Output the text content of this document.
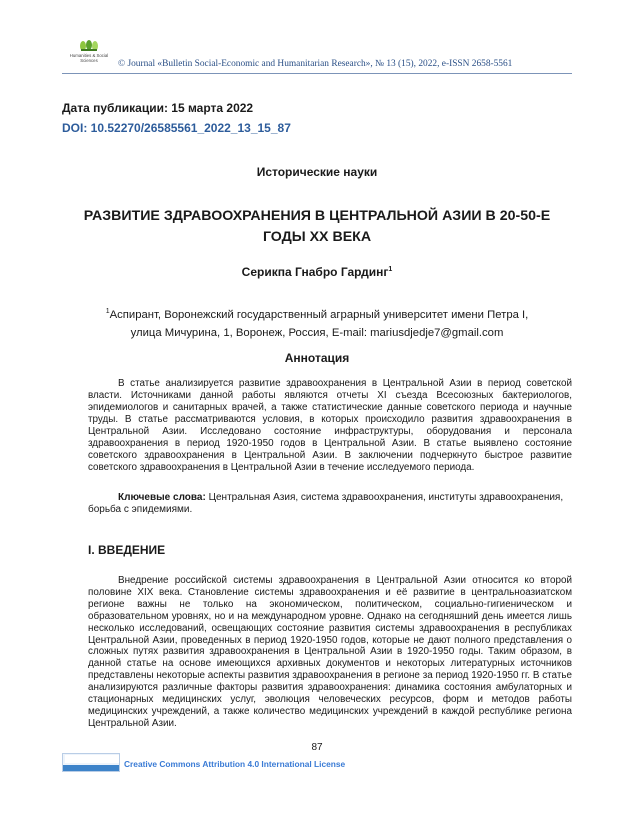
Humanities & Social Sciences	© Journal «Bulletin Social-Economic and Humanitarian Research», № 13 (15), 2022, e-ISSN 2658-5561
Дата публикации: 15 марта 2022
DOI: 10.52270/26585561_2022_13_15_87
Исторические науки
РАЗВИТИЕ ЗДРАВООХРАНЕНИЯ В ЦЕНТРАЛЬНОЙ АЗИИ В 20-50-Е ГОДЫ XX ВЕКА
Серикпа Гнабро Гардинг$^1$
$^1$Аспирант, Воронежский государственный аграрный университет имени Петра I,
улица Мичурина, 1, Воронеж, Россия, E-mail: mariusdjedje7@gmail.com
Аннотация

В статье анализируется развитие здравоохранения в Центральной Азии в период советской власти. Источниками данной работы являются отчеты XI съезда Всесоюзных бактериологов, эпидемиологов и санитарных врачей, а также статистические данные советского периода и научные труды. В статье рассматриваются условия, в которых происходило развития здравоохранения в Центральной Азии. Исследовано состояние инфраструктуры, оборудования и персонала здравоохранения в период 1920-1950 годов в Центральной Азии. В статье выявлено состояние советского здравоохранения в Центральной Азии. В заключении подчеркнуто быстрое развитие советского здравоохранения в Центральной Азии в течение исследуемого периода.

Ключевые слова: Центральная Азия, система здравоохранения, институты здравоохранения, борьба с эпидемиями.

I. ВВЕДЕНИЕ

Внедрение российской системы здравоохранения в Центральной Азии относится ко второй половине XIX века. Становление системы здравоохранения и её развитие в центральноазиатском регионе важны не только на экономическом, политическом, социально-гигиеническом и образовательном уровнях, но и на международном уровне. Однако на сегодняшний день имеется лишь несколько исследований, освещающих состояние развития системы здравоохранения в республиках Центральной Азии, проведенных в период 1920-1950 годов, которые не дают полного представления о сложных путях развития здравоохранения в Центральной Азии в 1920-1950 годы. Таким образом, в данной статье на основе имеющихся архивных документов и некоторых литературных источников представлены некоторые аспекты развития здравоохранения в регионе за период 1920-1950 гг. В статье анализируются различные факторы развития здравоохранения: динамика состояния амбулаторных и стационарных медицинских услуг, эволюция человеческих ресурсов, форм и методов работы медицинских учреждений, а также количество медицинских учреждений в каждой республике региона Центральной Азии.

87
Creative Commons Attribution 4.0 International License
